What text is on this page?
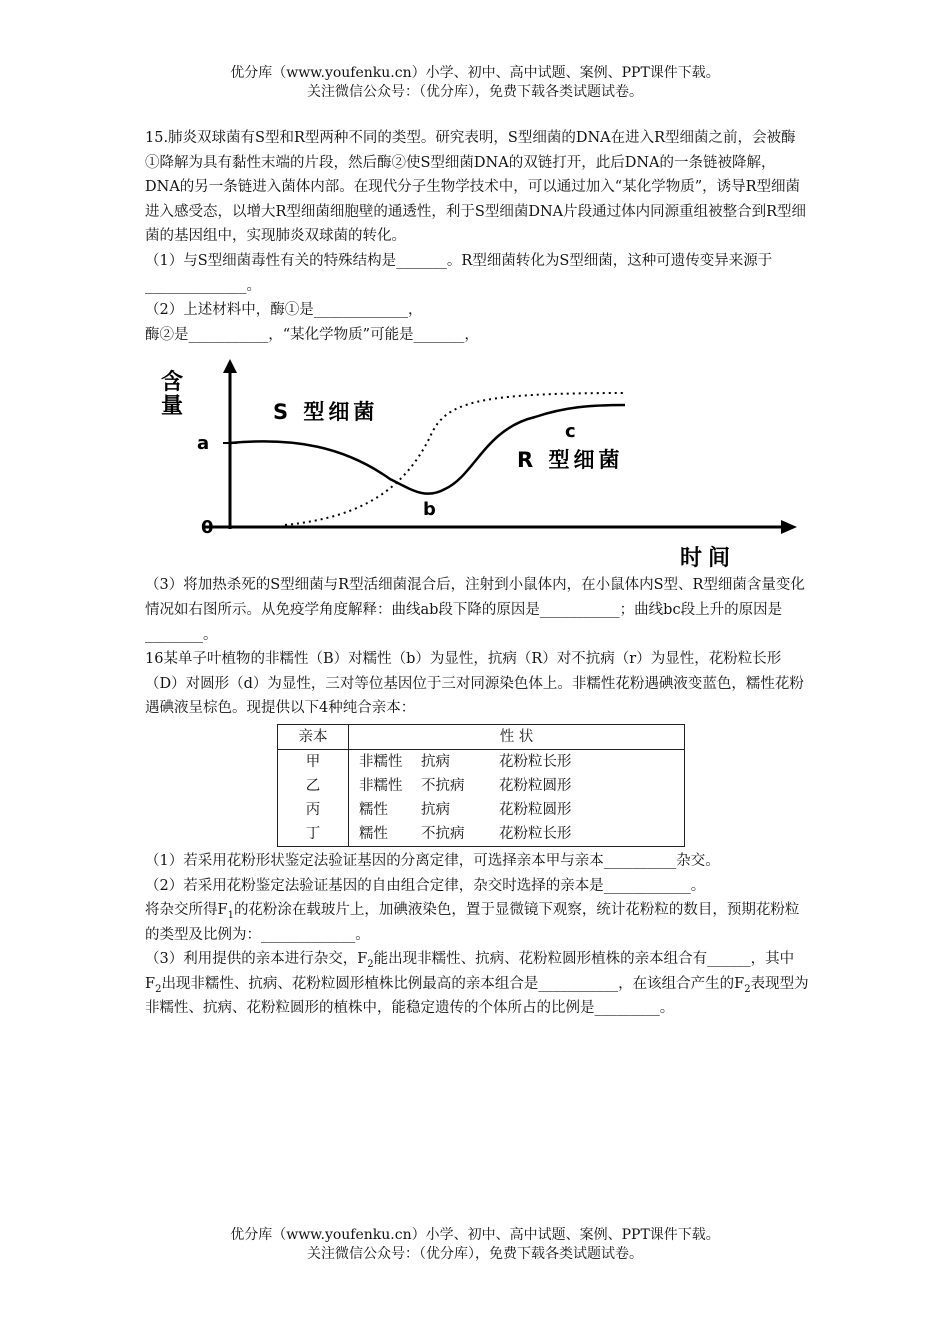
优分库（www.youfenku.cn）小学、初中、高中试题、案例、PPT课件下载。
关注微信公众号：（优分库），免费下载各类试题试卷。

15.肺炎双球菌有S型和R型两种不同的类型。研究表明，S型细菌的DNA在进入R型细菌之前，会被酶①降解为具有黏性末端的片段，然后酶②使S型细菌DNA的双链打开，此后DNA的一条链被降解，DNA的另一条链进入菌体内部。在现代分子生物学技术中，可以通过加入“某化学物质”，诱导R型细菌进入感受态，以增大R型细菌细胞壁的通透性，利于S型细菌DNA片段通过体内同源重组被整合到R型细菌的基因组中，实现肺炎双球菌的转化。

（1）与S型细菌毒性有关的特殊结构是_______。R型细菌转化为S型细菌，这种可遗传变异来源于______________。

（2）上述材料中，酶①是_____________，

酶②是___________，“某化学物质”可能是_______，

含
量
0
时间
a
S 型细菌
R 型细菌
b
c

（3）将加热杀死的S型细菌与R型活细菌混合后，注射到小鼠体内，在小鼠体内S型、R型细菌含量变化情况如右图所示。从免疫学角度解释：曲线ab段下降的原因是___________；曲线bc段上升的原因是________。

16某单子叶植物的非糯性（B）对糯性（b）为显性，抗病（R）对不抗病（r）为显性，花粉粒长形（D）对圆形（d）为显性，三对等位基因位于三对同源染色体上。非糯性花粉遇碘液变蓝色，糯性花粉遇碘液呈棕色。现提供以下4种纯合亲本：

亲本	性 状
甲	非糯性 抗病 花粉粒长形
乙	非糯性 不抗病 花粉粒圆形
丙	糯性 抗病 花粉粒圆形
丁	糯性 不抗病 花粉粒长形

（1）若采用花粉形状鉴定法验证基因的分离定律，可选择亲本甲与亲本__________杂交。

（2）若采用花粉鉴定法验证基因的自由组合定律，杂交时选择的亲本是____________。

将杂交所得$F_1$的花粉涂在载玻片上，加碘液染色，置于显微镜下观察，统计花粉粒的数目，预期花粉粒的类型及比例为：_____________。

（3）利用提供的亲本进行杂交，$F_2$能出现非糯性、抗病、花粉粒圆形植株的亲本组合有______，其中$F_2$出现非糯性、抗病、花粉粒圆形植株比例最高的亲本组合是___________，在该组合产生的$F_2$表现型为非糯性、抗病、花粉粒圆形的植株中，能稳定遗传的个体所占的比例是_________。

优分库（www.youfenku.cn）小学、初中、高中试题、案例、PPT课件下载。
关注微信公众号：（优分库），免费下载各类试题试卷。
